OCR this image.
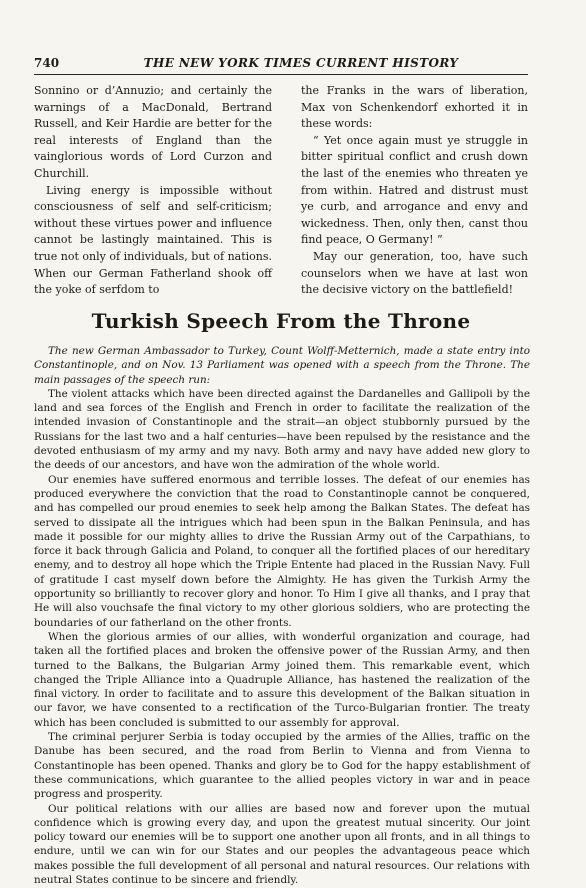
740	THE NEW YORK TIMES CURRENT HISTORY

Sonnino or d’Annuzio; and certainly the warnings of a MacDonald, Bertrand Russell, and Keir Hardie are better for the real interests of England than the vainglorious words of Lord Curzon and Churchill.

Living energy is impossible without consciousness of self and self-criticism; without these virtues power and influence cannot be lastingly maintained. This is true not only of individuals, but of nations. When our German Fatherland shook off the yoke of serfdom to

the Franks in the wars of liberation, Max von Schenkendorf exhorted it in these words:

“ Yet once again must ye struggle in bitter spiritual conflict and crush down the last of the enemies who threaten ye from within. Hatred and distrust must ye curb, and arrogance and envy and wickedness. Then, only then, canst thou find peace, O Germany! ”

May our generation, too, have such counselors when we have at last won the decisive victory on the battlefield!

Turkish Speech From the Throne

The new German Ambassador to Turkey, Count Wolff-Metternich, made a state entry into Constantinople, and on Nov. 13 Parliament was opened with a speech from the Throne. The main passages of the speech run:

The violent attacks which have been directed against the Dardanelles and Gallipoli by the land and sea forces of the English and French in order to facilitate the realization of the intended invasion of Constantinople and the strait—an object stubbornly pursued by the Russians for the last two and a half centuries—have been repulsed by the resistance and the devoted enthusiasm of my army and my navy. Both army and navy have added new glory to the deeds of our ancestors, and have won the admiration of the whole world.

Our enemies have suffered enormous and terrible losses. The defeat of our enemies has produced everywhere the conviction that the road to Constantinople cannot be conquered, and has compelled our proud enemies to seek help among the Balkan States. The defeat has served to dissipate all the intrigues which had been spun in the Balkan Peninsula, and has made it possible for our mighty allies to drive the Russian Army out of the Carpathians, to force it back through Galicia and Poland, to conquer all the fortified places of our hereditary enemy, and to destroy all hope which the Triple Entente had placed in the Russian Navy. Full of gratitude I cast myself down before the Almighty. He has given the Turkish Army the opportunity so brilliantly to recover glory and honor. To Him I give all thanks, and I pray that He will also vouchsafe the final victory to my other glorious soldiers, who are protecting the boundaries of our fatherland on the other fronts.

When the glorious armies of our allies, with wonderful organization and courage, had taken all the fortified places and broken the offensive power of the Russian Army, and then turned to the Balkans, the Bulgarian Army joined them. This remarkable event, which changed the Triple Alliance into a Quadruple Alliance, has hastened the realization of the final victory. In order to facilitate and to assure this development of the Balkan situation in our favor, we have consented to a rectification of the Turco-Bulgarian frontier. The treaty which has been concluded is submitted to our assembly for approval.

The criminal perjurer Serbia is today occupied by the armies of the Allies, traffic on the Danube has been secured, and the road from Berlin to Vienna and from Vienna to Constantinople has been opened. Thanks and glory be to God for the happy establishment of these communications, which guarantee to the allied peoples victory in war and in peace progress and prosperity.

Our political relations with our allies are based now and forever upon the mutual confidence which is growing every day, and upon the greatest mutual sincerity. Our joint policy toward our enemies will be to support one another upon all fronts, and in all things to endure, until we can win for our States and our peoples the advantageous peace which makes possible the full development of all personal and natural resources. Our relations with neutral States continue to be sincere and friendly.
